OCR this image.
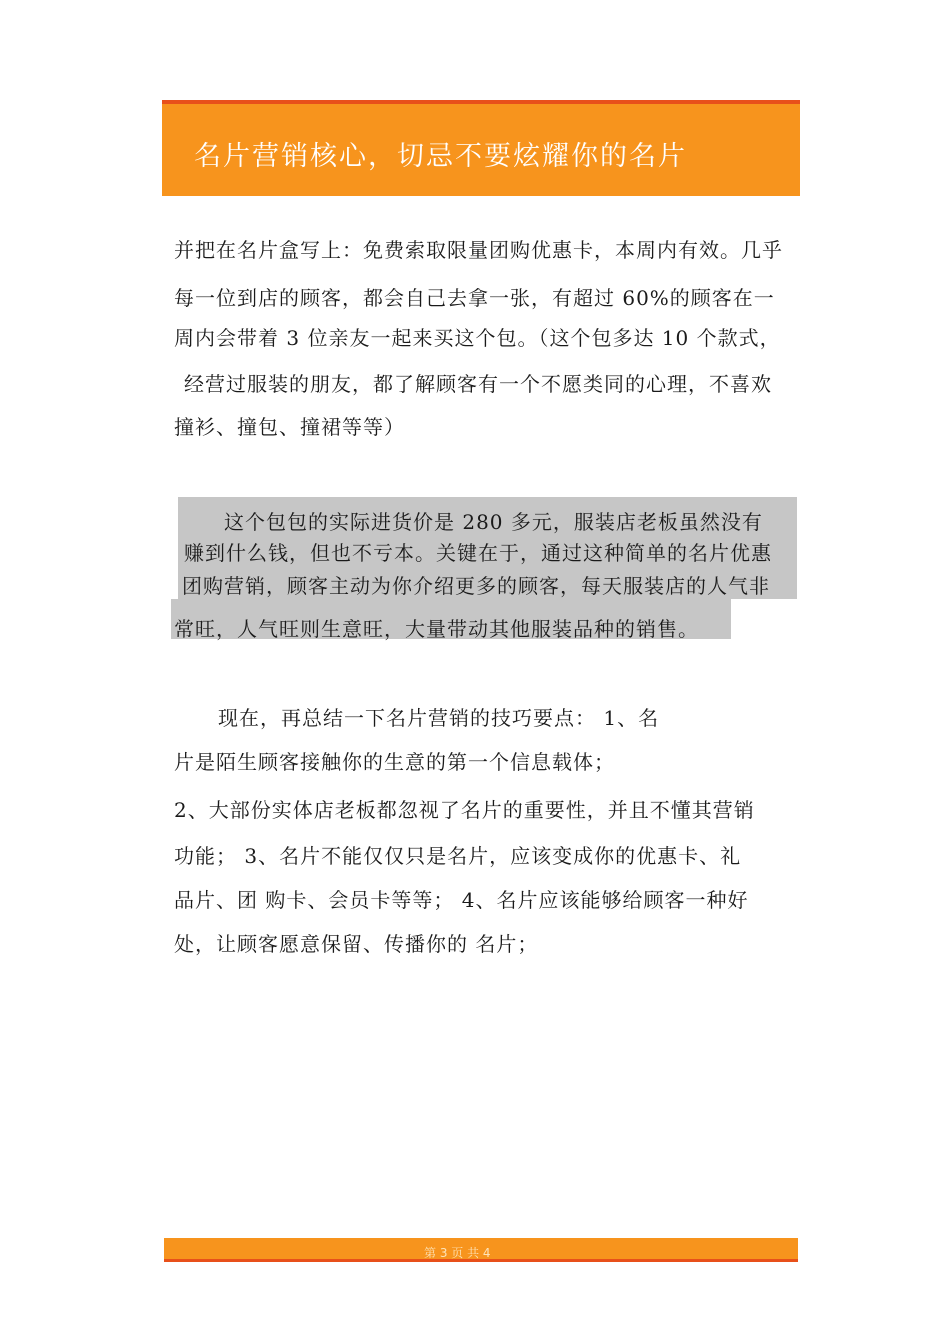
名片营销核心，切忌不要炫耀你的名片
并把在名片盒写上：免费索取限量团购优惠卡，本周内有效。几乎
每一位到店的顾客，都会自己去拿一张，有超过 60%的顾客在一
周内会带着 3 位亲友一起来买这个包。（这个包多达 10 个款式，
经营过服装的朋友，都了解顾客有一个不愿类同的心理，不喜欢
撞衫、撞包、撞裙等等）
这个包包的实际进货价是 280 多元，服装店老板虽然没有
赚到什么钱，但也不亏本。关键在于，通过这种简单的名片优惠
团购营销，顾客主动为你介绍更多的顾客，每天服装店的人气非
常旺，人气旺则生意旺，大量带动其他服装品种的销售。
现在，再总结一下名片营销的技巧要点： 1、名
片是陌生顾客接触你的生意的第一个信息载体；
2、大部份实体店老板都忽视了名片的重要性，并且不懂其营销
功能； 3、名片不能仅仅只是名片，应该变成你的优惠卡、礼
品片、团 购卡、会员卡等等； 4、名片应该能够给顾客一种好
处，让顾客愿意保留、传播你的 名片；
第 3 页 共 4
